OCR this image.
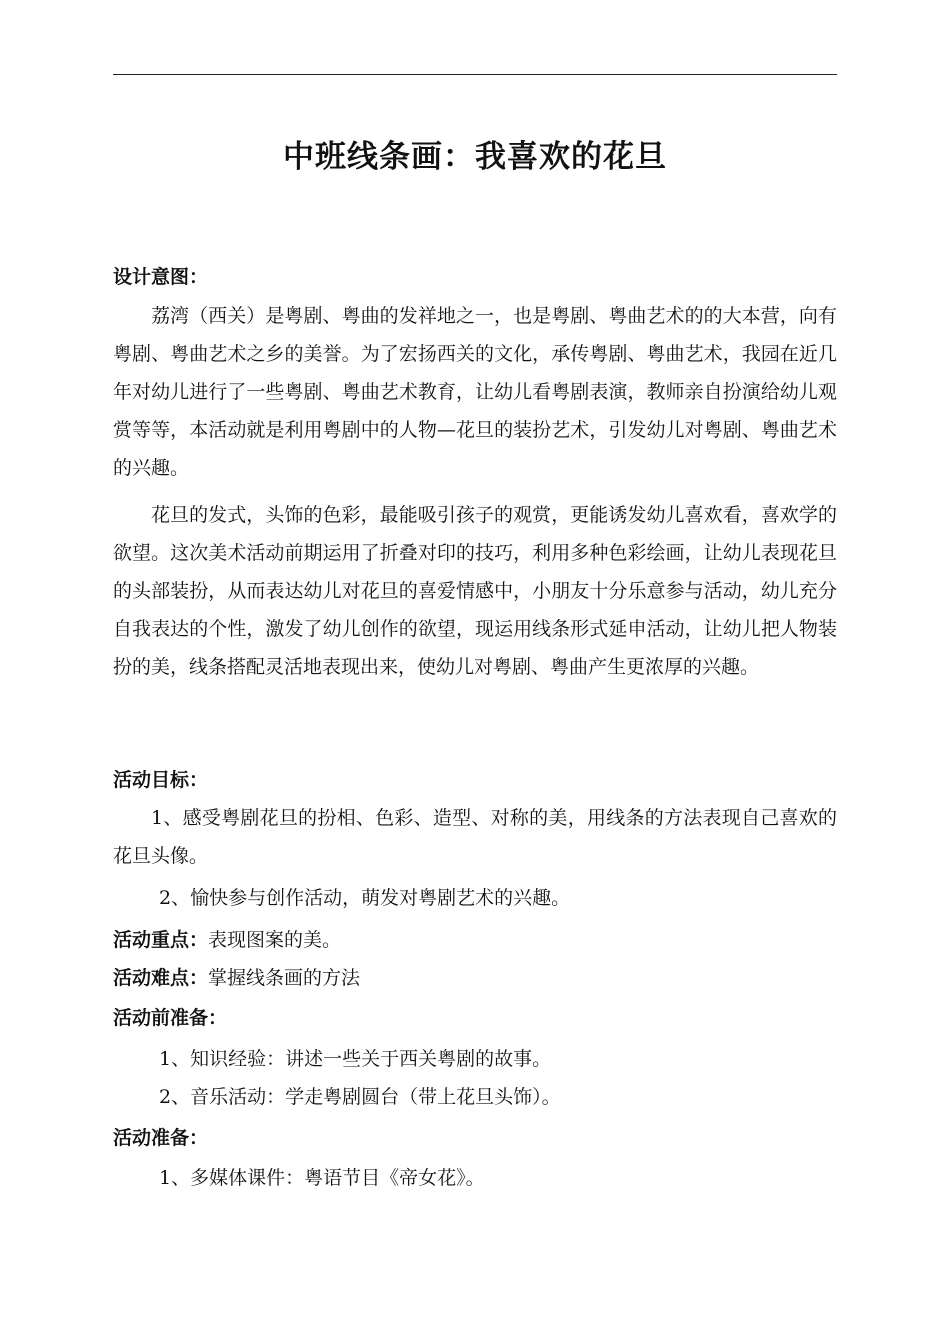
中班线条画：我喜欢的花旦

设计意图：

荔湾（西关）是粤剧、粤曲的发祥地之一，也是粤剧、粤曲艺术的的大本营，向有粤剧、粤曲艺术之乡的美誉。为了宏扬西关的文化，承传粤剧、粤曲艺术，我园在近几年对幼儿进行了一些粤剧、粤曲艺术教育，让幼儿看粤剧表演，教师亲自扮演给幼儿观赏等等，本活动就是利用粤剧中的人物—花旦的装扮艺术，引发幼儿对粤剧、粤曲艺术的兴趣。

花旦的发式，头饰的色彩，最能吸引孩子的观赏，更能诱发幼儿喜欢看，喜欢学的欲望。这次美术活动前期运用了折叠对印的技巧，利用多种色彩绘画，让幼儿表现花旦的头部装扮，从而表达幼儿对花旦的喜爱情感中，小朋友十分乐意参与活动，幼儿充分自我表达的个性，激发了幼儿创作的欲望，现运用线条形式延申活动，让幼儿把人物装扮的美，线条搭配灵活地表现出来，使幼儿对粤剧、粤曲产生更浓厚的兴趣。

活动目标：

1、感受粤剧花旦的扮相、色彩、造型、对称的美，用线条的方法表现自己喜欢的花旦头像。

2、愉快参与创作活动，萌发对粤剧艺术的兴趣。

活动重点：表现图案的美。

活动难点：掌握线条画的方法

活动前准备：

1、知识经验：讲述一些关于西关粤剧的故事。

2、音乐活动：学走粤剧圆台（带上花旦头饰）。

活动准备：

1、多媒体课件：粤语节目《帝女花》。
